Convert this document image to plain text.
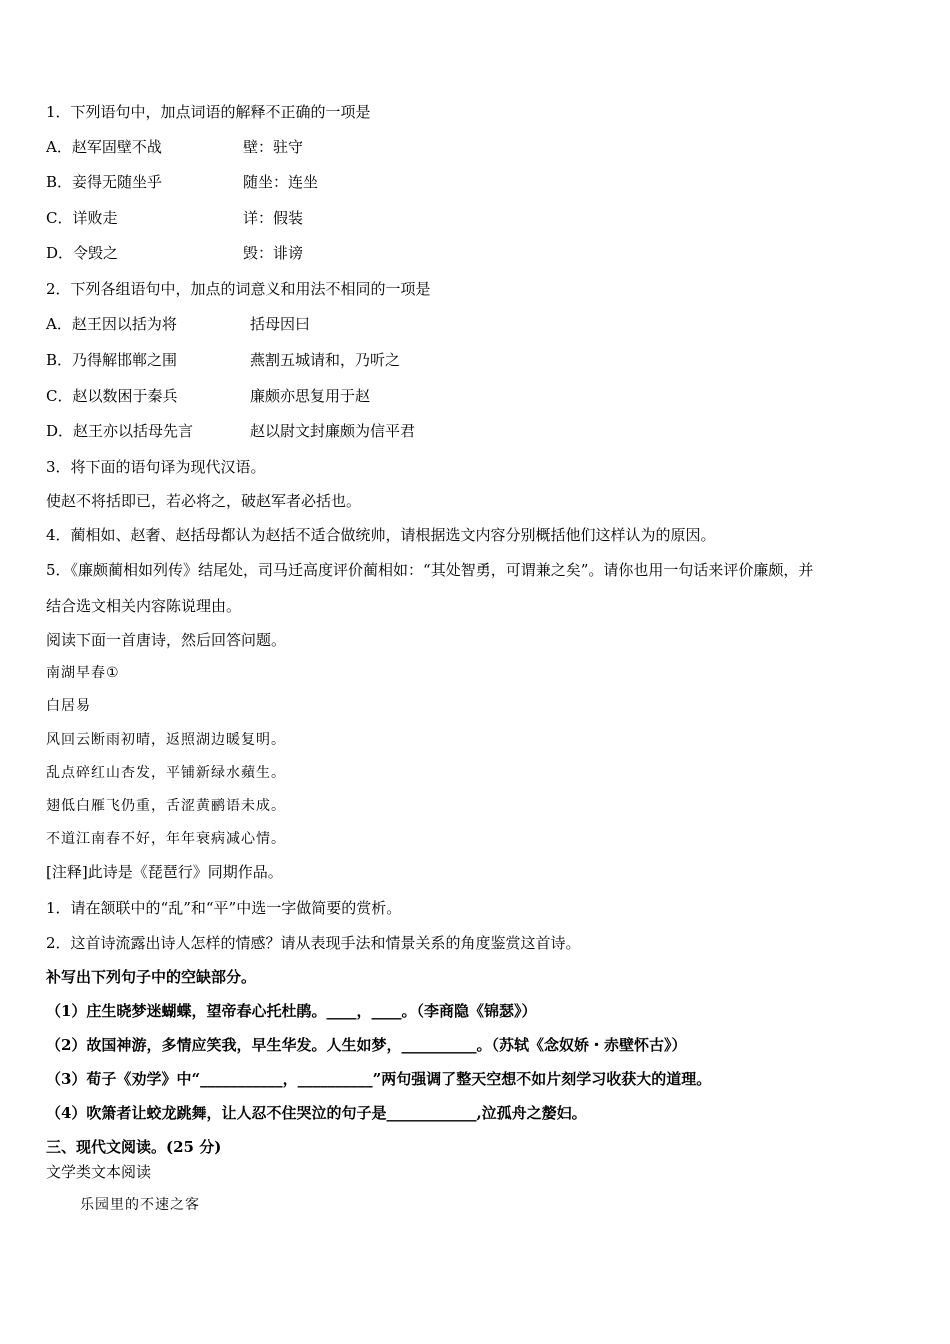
1．下列语句中，加点词语的解释不正确的一项是
A．赵军固壁不战	壁：驻守
B．妾得无随坐乎	随坐：连坐
C．详败走	详：假装
D．令毁之	毁：诽谤
2．下列各组语句中，加点的词意义和用法不相同的一项是
A．赵王因以括为将	括母因曰
B．乃得解邯郸之围	燕割五城请和，乃听之
C．赵以数困于秦兵	廉颇亦思复用于赵
D．赵王亦以括母先言	赵以尉文封廉颇为信平君
3．将下面的语句译为现代汉语。
使赵不将括即已，若必将之，破赵军者必括也。
4．蔺相如、赵奢、赵括母都认为赵括不适合做统帅，请根据选文内容分别概括他们这样认为的原因。
5．《廉颇蔺相如列传》结尾处，司马迁高度评价蔺相如：“其处智勇，可谓兼之矣”。请你也用一句话来评价廉颇，并
结合选文相关内容陈说理由。
阅读下面一首唐诗，然后回答问题。
南湖早春①
白居易
风回云断雨初晴，返照湖边暖复明。
乱点碎红山杏发，平铺新绿水蘋生。
翅低白雁飞仍重，舌涩黄鹂语未成。
不道江南春不好，年年衰病减心情。
[注释]此诗是《琵琶行》同期作品。
1．请在颔联中的“乱”和“平”中选一字做简要的赏析。
2．这首诗流露出诗人怎样的情感？请从表现手法和情景关系的角度鉴赏这首诗。
补写出下列句子中的空缺部分。
（1）庄生晓梦迷蝴蝶，望帝春心托杜鹃。____，____。（李商隐《锦瑟》）
（2）故国神游，多情应笑我，早生华发。人生如梦，__________。（苏轼《念奴娇・赤壁怀古》）
（3）荀子《劝学》中“___________，__________”两句强调了整天空想不如片刻学习收获大的道理。
（4）吹箫者让蛟龙跳舞，让人忍不住哭泣的句子是____________,泣孤舟之嫠妇。
三、现代文阅读。(25 分)
文学类文本阅读
乐园里的不速之客
